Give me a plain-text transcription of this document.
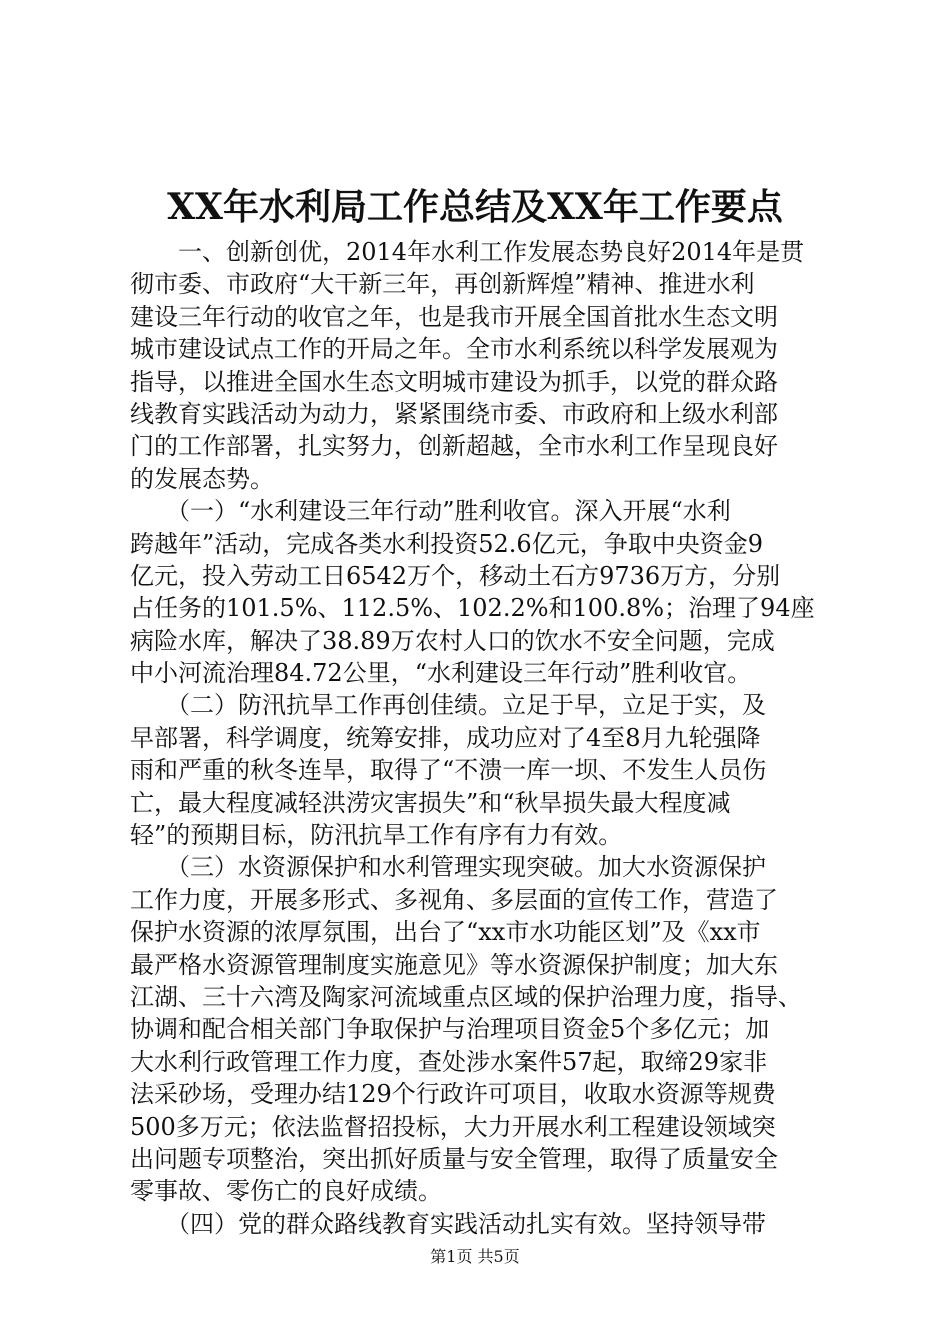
XX年水利局工作总结及XX年工作要点
　　一、创新创优，2014年水利工作发展态势良好2014年是贯
彻市委、市政府“大干新三年，再创新辉煌”精神、推进水利
建设三年行动的收官之年，也是我市开展全国首批水生态文明
城市建设试点工作的开局之年。全市水利系统以科学发展观为
指导，以推进全国水生态文明城市建设为抓手，以党的群众路
线教育实践活动为动力，紧紧围绕市委、市政府和上级水利部
门的工作部署，扎实努力，创新超越，全市水利工作呈现良好
的发展态势。
　　（一）“水利建设三年行动”胜利收官。深入开展“水利
跨越年”活动，完成各类水利投资52.6亿元，争取中央资金9
亿元，投入劳动工日6542万个，移动土石方9736万方，分别
占任务的101.5%、112.5%、102.2%和100.8%；治理了94座
病险水库，解决了38.89万农村人口的饮水不安全问题，完成
中小河流治理84.72公里，“水利建设三年行动”胜利收官。
　　（二）防汛抗旱工作再创佳绩。立足于早，立足于实，及
早部署，科学调度，统筹安排，成功应对了4至8月九轮强降
雨和严重的秋冬连旱，取得了“不溃一库一坝、不发生人员伤
亡，最大程度减轻洪涝灾害损失”和“秋旱损失最大程度减
轻”的预期目标，防汛抗旱工作有序有力有效。
　　（三）水资源保护和水利管理实现突破。加大水资源保护
工作力度，开展多形式、多视角、多层面的宣传工作，营造了
保护水资源的浓厚氛围，出台了“xx市水功能区划”及《xx市
最严格水资源管理制度实施意见》等水资源保护制度；加大东
江湖、三十六湾及陶家河流域重点区域的保护治理力度，指导、
协调和配合相关部门争取保护与治理项目资金5个多亿元；加
大水利行政管理工作力度，查处涉水案件57起，取缔29家非
法采砂场，受理办结129个行政许可项目，收取水资源等规费
500多万元；依法监督招投标，大力开展水利工程建设领域突
出问题专项整治，突出抓好质量与安全管理，取得了质量安全
零事故、零伤亡的良好成绩。
　　（四）党的群众路线教育实践活动扎实有效。坚持领导带
第1页 共5页
